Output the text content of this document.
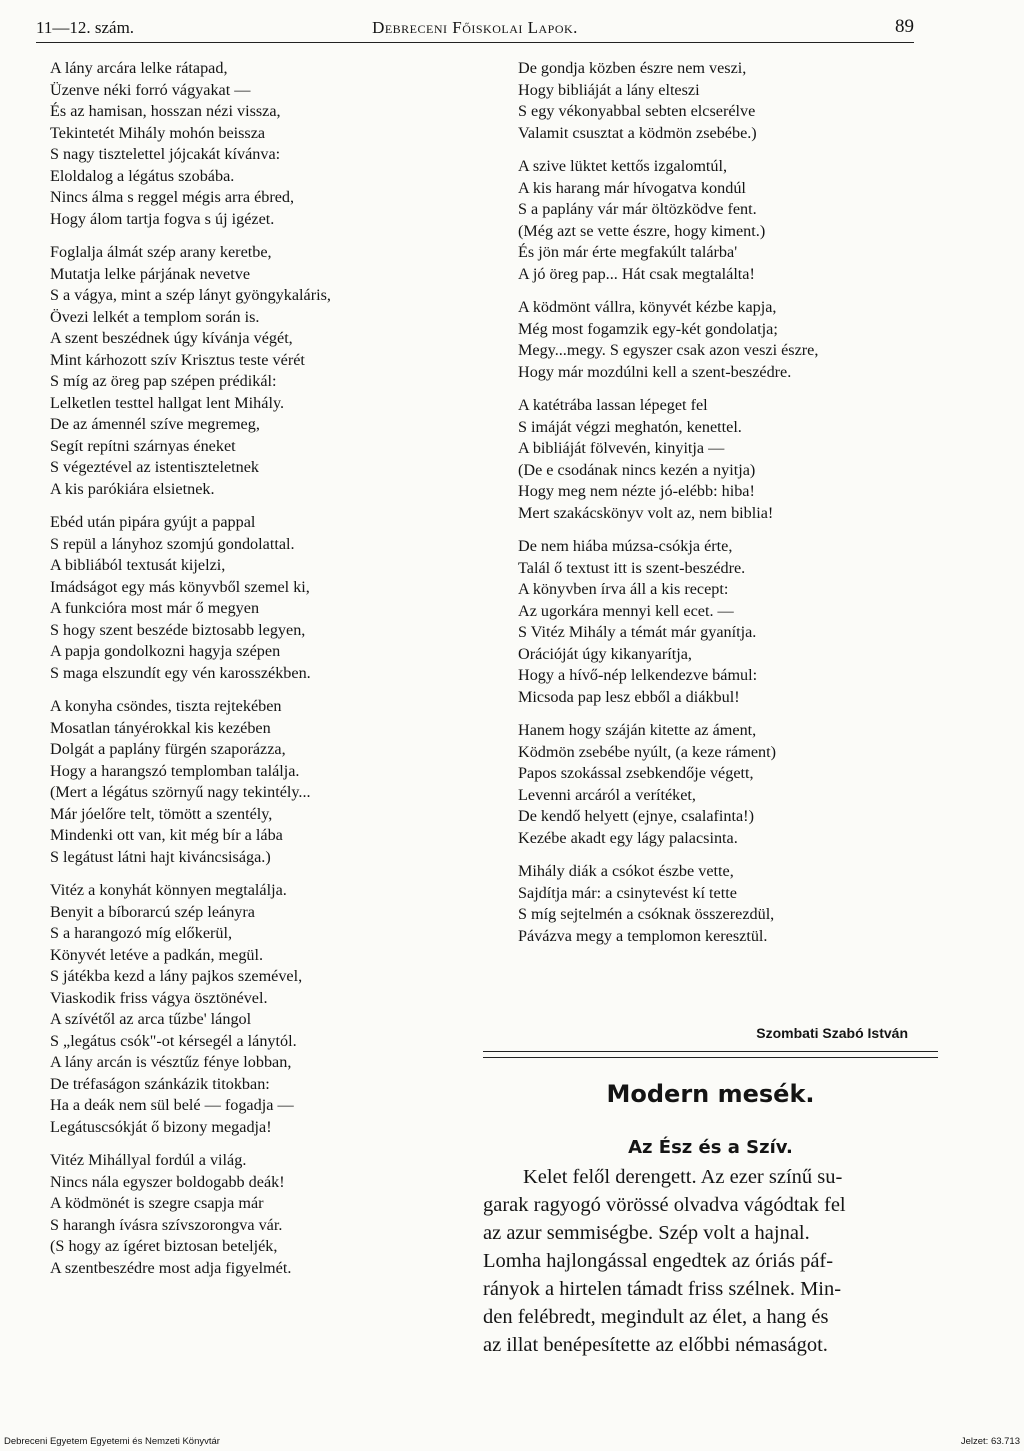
11—12. szám.	Debreceni Főiskolai Lapok.	89
A lány arcára lelke rátapad,
Üzenve néki forró vágyakat —
És az hamisan, hosszan nézi vissza,
Tekintetét Mihály mohón beissza
S nagy tisztelettel jójcakát kívánva:
Eloldalog a légátus szobába.
Nincs álma s reggel mégis arra ébred,
Hogy álom tartja fogva s új igézet.
Foglalja álmát szép arany keretbe,
Mutatja lelke párjának nevetve
S a vágya, mint a szép lányt gyöngykaláris,
Övezi lelkét a templom során is.
A szent beszédnek úgy kívánja végét,
Mint kárhozott szív Krisztus teste vérét
S míg az öreg pap szépen prédikál:
Lelketlen testtel hallgat lent Mihály.
De az ámennél szíve megremeg,
Segít repítni szárnyas éneket
S végeztével az istentiszteletnek
A kis parókiára elsietnek.
Ebéd után pipára gyújt a pappal
S repül a lányhoz szomjú gondolattal.
A bibliából textusát kijelzi,
Imádságot egy más könyvből szemel ki,
A funkcióra most már ő megyen
S hogy szent beszéde biztosabb legyen,
A papja gondolkozni hagyja szépen
S maga elszundít egy vén karosszékben.
A konyha csöndes, tiszta rejtekében
Mosatlan tányérokkal kis kezében
Dolgát a paplány fürgén szaporázza,
Hogy a harangszó templomban találja.
(Mert a légátus szörnyű nagy tekintély...
Már jóelőre telt, tömött a szentély,
Mindenki ott van, kit még bír a lába
S legátust látni hajt kiváncsisága.)
Vitéz a konyhát könnyen megtalálja.
Benyit a bíborarcú szép leányra
S a harangozó míg előkerül,
Könyvét letéve a padkán, megül.
S játékba kezd a lány pajkos szemével,
Viaskodik friss vágya ösztönével.
A szívétől az arca tűzbe' lángol
S „legátus csók"-ot kérsegél a lánytól.
A lány arcán is vésztűz fénye lobban,
De tréfaságon szánkázik titokban:
Ha a deák nem sül belé — fogadja —
Legátuscsókját ő bizony megadja!
Vitéz Mihállyal fordúl a világ.
Nincs nála egyszer boldogabb deák!
A ködmönét is szegre csapja már
S harangh ívásra szívszorongva vár.
(S hogy az ígéret biztosan beteljék,
A szentbeszédre most adja figyelmét.
De gondja közben észre nem veszi,
Hogy bibliáját a lány elteszi
S egy vékonyabbal sebten elcserélve
Valamit csusztat a ködmön zsebébe.)
A szive lüktet kettős izgalomtúl,
A kis harang már hívogatva kondúl
S a paplány vár már öltözködve fent.
(Még azt se vette észre, hogy kiment.)
És jön már érte megfakúlt talárba'
A jó öreg pap... Hát csak megtalálta!
A ködmönt vállra, könyvét kézbe kapja,
Még most fogamzik egy-két gondolatja;
Megy...megy. S egyszer csak azon veszi észre,
Hogy már mozdúlni kell a szent-beszédre.
A katétrába lassan lépeget fel
S imáját végzi meghatón, kenettel.
A bibliáját fölvevén, kinyitja —
(De e csodának nincs kezén a nyitja)
Hogy meg nem nézte jó-elébb: hiba!
Mert szakácskönyv volt az, nem biblia!
De nem hiába múzsa-csókja érte,
Talál ő textust itt is szent-beszédre.
A könyvben írva áll a kis recept:
Az ugorkára mennyi kell ecet. —
S Vitéz Mihály a témát már gyanítja.
Orációját úgy kikanyarítja,
Hogy a hívő-nép lelkendezve bámul:
Micsoda pap lesz ebből a diákbul!
Hanem hogy száján kitette az áment,
Ködmön zsebébe nyúlt, (a keze ráment)
Papos szokással zsebkendője végett,
Levenni arcáról a verítéket,
De kendő helyett (ejnye, csalafinta!)
Kezébe akadt egy lágy palacsinta.
Mihály diák a csókot észbe vette,
Sajdítja már: a csinytevést kí tette
S míg sejtelmén a csóknak összerezdül,
Pávázva megy a templomon keresztül.
Szombati Szabó István
Modern mesék.
Az Ész és a Szív.
Kelet felől derengett. Az ezer színű su-
garak ragyogó vörössé olvadva vágódtak fel
az azur semmiségbe. Szép volt a hajnal.
Lomha hajlongással engedtek az óriás páf-
rányok a hirtelen támadt friss szélnek. Min-
den felébredt, megindult az élet, a hang és
az illat benépesítette az előbbi némaságot.
Debreceni Egyetem Egyetemi és Nemzeti Könyvtár	Jelzet: 63.713
